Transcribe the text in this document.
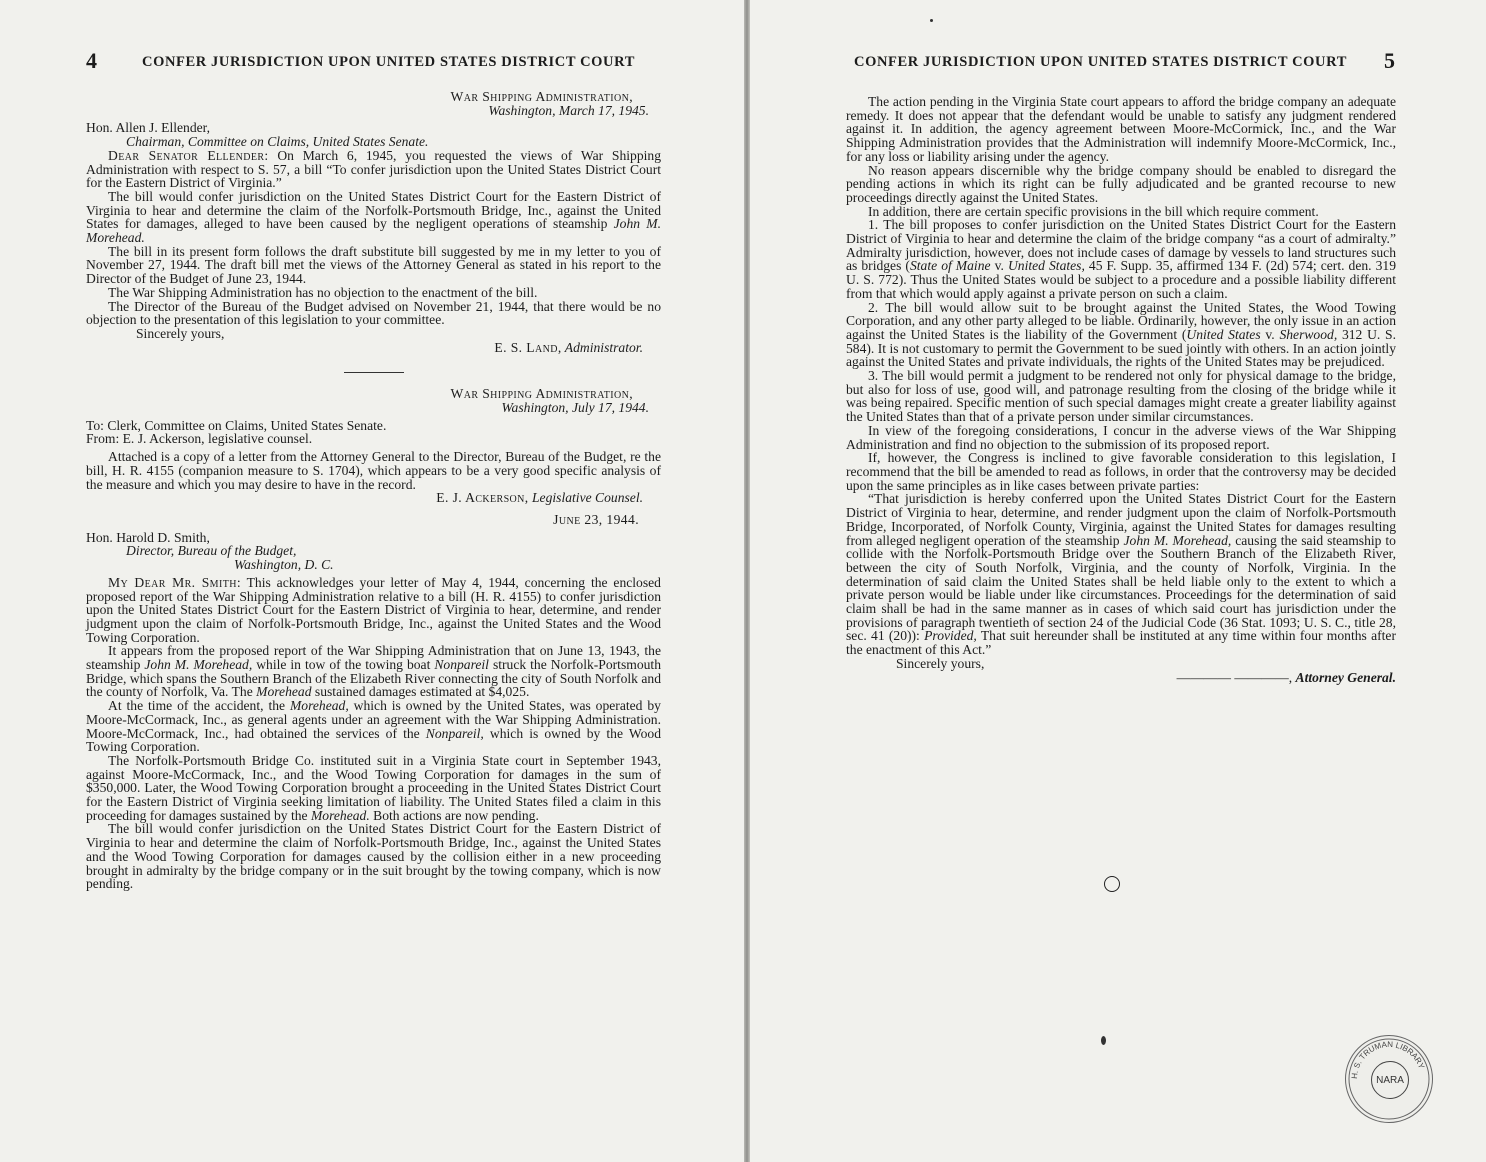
4	CONFER JURISDICTION UPON UNITED STATES DISTRICT COURT

War Shipping Administration,

Washington, March 17, 1945.

Hon. Allen J. Ellender,

Chairman, Committee on Claims, United States Senate.

Dear Senator Ellender: On March 6, 1945, you requested the views of War Shipping Administration with respect to S. 57, a bill “To confer jurisdiction upon the United States District Court for the Eastern District of Virginia.”

The bill would confer jurisdiction on the United States District Court for the Eastern District of Virginia to hear and determine the claim of the Norfolk-Portsmouth Bridge, Inc., against the United States for damages, alleged to have been caused by the negligent operations of steamship John M. Morehead.

The bill in its present form follows the draft substitute bill suggested by me in my letter to you of November 27, 1944. The draft bill met the views of the Attorney General as stated in his report to the Director of the Budget of June 23, 1944.

The War Shipping Administration has no objection to the enactment of the bill.

The Director of the Bureau of the Budget advised on November 21, 1944, that there would be no objection to the presentation of this legislation to your committee.

Sincerely yours,

E. S. Land, Administrator.

War Shipping Administration,

Washington, July 17, 1944.

To: Clerk, Committee on Claims, United States Senate.

From: E. J. Ackerson, legislative counsel.

Attached is a copy of a letter from the Attorney General to the Director, Bureau of the Budget, re the bill, H. R. 4155 (companion measure to S. 1704), which appears to be a very good specific analysis of the measure and which you may desire to have in the record.

E. J. Ackerson, Legislative Counsel.

June 23, 1944.

Hon. Harold D. Smith,

Director, Bureau of the Budget,

Washington, D. C.

My Dear Mr. Smith: This acknowledges your letter of May 4, 1944, concerning the enclosed proposed report of the War Shipping Administration relative to a bill (H. R. 4155) to confer jurisdiction upon the United States District Court for the Eastern District of Virginia to hear, determine, and render judgment upon the claim of Norfolk-Portsmouth Bridge, Inc., against the United States and the Wood Towing Corporation.

It appears from the proposed report of the War Shipping Administration that on June 13, 1943, the steamship John M. Morehead, while in tow of the towing boat Nonpareil struck the Norfolk-Portsmouth Bridge, which spans the Southern Branch of the Elizabeth River connecting the city of South Norfolk and the county of Norfolk, Va. The Morehead sustained damages estimated at $4,025.

At the time of the accident, the Morehead, which is owned by the United States, was operated by Moore-McCormack, Inc., as general agents under an agreement with the War Shipping Administration. Moore-McCormack, Inc., had obtained the services of the Nonpareil, which is owned by the Wood Towing Corporation.

The Norfolk-Portsmouth Bridge Co. instituted suit in a Virginia State court in September 1943, against Moore-McCormack, Inc., and the Wood Towing Corporation for damages in the sum of $350,000. Later, the Wood Towing Corporation brought a proceeding in the United States District Court for the Eastern District of Virginia seeking limitation of liability. The United States filed a claim in this proceeding for damages sustained by the Morehead. Both actions are now pending.

The bill would confer jurisdiction on the United States District Court for the Eastern District of Virginia to hear and determine the claim of Norfolk-Portsmouth Bridge, Inc., against the United States and the Wood Towing Corporation for damages caused by the collision either in a new proceeding brought in admiralty by the bridge company or in the suit brought by the towing company, which is now pending.

CONFER JURISDICTION UPON UNITED STATES DISTRICT COURT 5

The action pending in the Virginia State court appears to afford the bridge company an adequate remedy. It does not appear that the defendant would be unable to satisfy any judgment rendered against it. In addition, the agency agreement between Moore-McCormick, Inc., and the War Shipping Administration provides that the Administration will indemnify Moore-McCormick, Inc., for any loss or liability arising under the agency.

No reason appears discernible why the bridge company should be enabled to disregard the pending actions in which its right can be fully adjudicated and be granted recourse to new proceedings directly against the United States.

In addition, there are certain specific provisions in the bill which require comment.

1. The bill proposes to confer jurisdiction on the United States District Court for the Eastern District of Virginia to hear and determine the claim of the bridge company “as a court of admiralty.” Admiralty jurisdiction, however, does not include cases of damage by vessels to land structures such as bridges (State of Maine v. United States, 45 F. Supp. 35, affirmed 134 F. (2d) 574; cert. den. 319 U. S. 772). Thus the United States would be subject to a procedure and a possible liability different from that which would apply against a private person on such a claim.

2. The bill would allow suit to be brought against the United States, the Wood Towing Corporation, and any other party alleged to be liable. Ordinarily, however, the only issue in an action against the United States is the liability of the Government (United States v. Sherwood, 312 U. S. 584). It is not customary to permit the Government to be sued jointly with others. In an action jointly against the United States and private individuals, the rights of the United States may be prejudiced.

3. The bill would permit a judgment to be rendered not only for physical damage to the bridge, but also for loss of use, good will, and patronage resulting from the closing of the bridge while it was being repaired. Specific mention of such special damages might create a greater liability against the United States than that of a private person under similar circumstances.

In view of the foregoing considerations, I concur in the adverse views of the War Shipping Administration and find no objection to the submission of its proposed report.

If, however, the Congress is inclined to give favorable consideration to this legislation, I recommend that the bill be amended to read as follows, in order that the controversy may be decided upon the same principles as in like cases between private parties:

“That jurisdiction is hereby conferred upon the United States District Court for the Eastern District of Virginia to hear, determine, and render judgment upon the claim of Norfolk-Portsmouth Bridge, Incorporated, of Norfolk County, Virginia, against the United States for damages resulting from alleged negligent operation of the steamship John M. Morehead, causing the said steamship to collide with the Norfolk-Portsmouth Bridge over the Southern Branch of the Elizabeth River, between the city of South Norfolk, Virginia, and the county of Norfolk, Virginia. In the determination of said claim the United States shall be held liable only to the extent to which a private person would be liable under like circumstances. Proceedings for the determination of said claim shall be had in the same manner as in cases of which said court has jurisdiction under the provisions of paragraph twentieth of section 24 of the Judicial Code (36 Stat. 1093; U. S. C., title 28, sec. 41 (20)): Provided, That suit hereunder shall be instituted at any time within four months after the enactment of this Act.”

Sincerely yours,

———— ————, Attorney General.

H. S. TRUMAN LIBRARY
NARA
